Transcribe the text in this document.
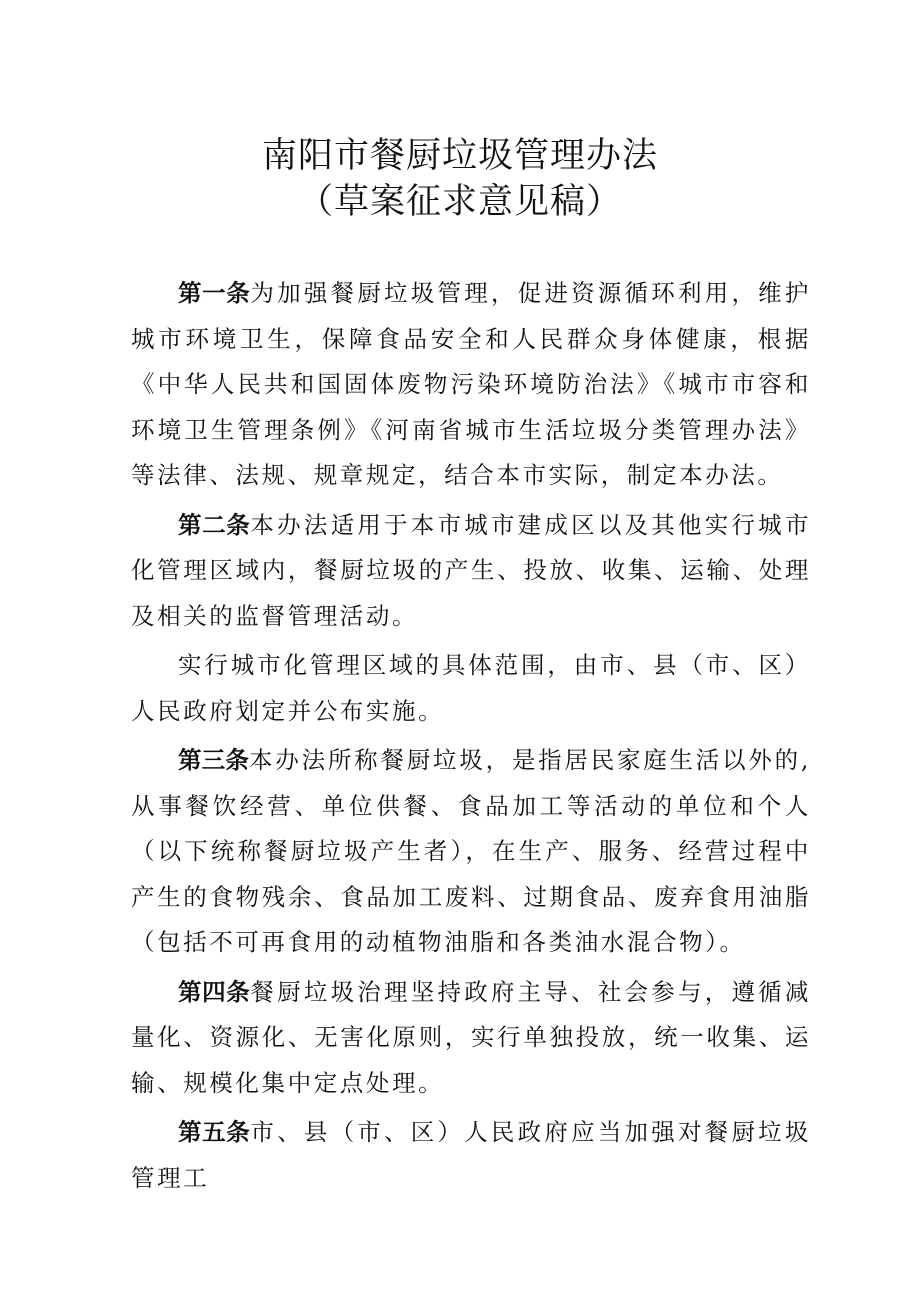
南阳市餐厨垃圾管理办法
（草案征求意见稿）

第一条为加强餐厨垃圾管理，促进资源循环利用，维护城市环境卫生，保障食品安全和人民群众身体健康，根据《中华人民共和国固体废物污染环境防治法》《城市市容和环境卫生管理条例》《河南省城市生活垃圾分类管理办法》等法律、法规、规章规定，结合本市实际，制定本办法。

第二条本办法适用于本市城市建成区以及其他实行城市化管理区域内，餐厨垃圾的产生、投放、收集、运输、处理及相关的监督管理活动。

实行城市化管理区域的具体范围，由市、县（市、区）人民政府划定并公布实施。

第三条本办法所称餐厨垃圾，是指居民家庭生活以外的,从事餐饮经营、单位供餐、食品加工等活动的单位和个人（以下统称餐厨垃圾产生者），在生产、服务、经营过程中产生的食物残余、食品加工废料、过期食品、废弃食用油脂（包括不可再食用的动植物油脂和各类油水混合物）。

第四条餐厨垃圾治理坚持政府主导、社会参与，遵循减量化、资源化、无害化原则，实行单独投放，统一收集、运输、规模化集中定点处理。

第五条市、县（市、区）人民政府应当加强对餐厨垃圾管理工
